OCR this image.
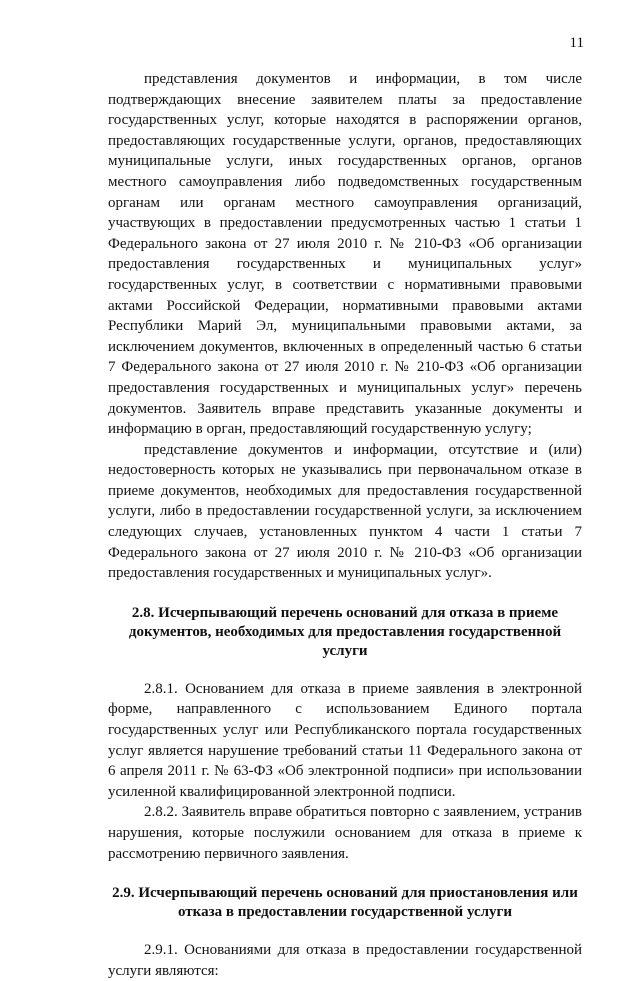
11

представления документов и информации, в том числе подтверждающих внесение заявителем платы за предоставление государственных услуг, которые находятся в распоряжении органов, предоставляющих государственные услуги, органов, предоставляющих муниципальные услуги, иных государственных органов, органов местного самоуправления либо подведомственных государственным органам или органам местного самоуправления организаций, участвующих в предоставлении предусмотренных частью 1 статьи 1 Федерального закона от 27 июля 2010 г. № 210-ФЗ «Об организации предоставления государственных и муниципальных услуг» государственных услуг, в соответствии с нормативными правовыми актами Российской Федерации, нормативными правовыми актами Республики Марий Эл, муниципальными правовыми актами, за исключением документов, включенных в определенный частью 6 статьи 7 Федерального закона от 27 июля 2010 г. № 210-ФЗ «Об организации предоставления государственных и муниципальных услуг» перечень документов. Заявитель вправе представить указанные документы и информацию в орган, предоставляющий государственную услугу;

представление документов и информации, отсутствие и (или) недостоверность которых не указывались при первоначальном отказе в приеме документов, необходимых для предоставления государственной услуги, либо в предоставлении государственной услуги, за исключением следующих случаев, установленных пунктом 4 части 1 статьи 7 Федерального закона от 27 июля 2010 г. № 210-ФЗ «Об организации предоставления государственных и муниципальных услуг».

2.8. Исчерпывающий перечень оснований для отказа в приеме документов, необходимых для предоставления государственной услуги

2.8.1. Основанием для отказа в приеме заявления в электронной форме, направленного с использованием Единого портала государственных услуг или Республиканского портала государственных услуг является нарушение требований статьи 11 Федерального закона от 6 апреля 2011 г. № 63-ФЗ «Об электронной подписи» при использовании усиленной квалифицированной электронной подписи.

2.8.2. Заявитель вправе обратиться повторно с заявлением, устранив нарушения, которые послужили основанием для отказа в приеме к рассмотрению первичного заявления.

2.9. Исчерпывающий перечень оснований для приостановления или отказа в предоставлении государственной услуги

2.9.1. Основаниями для отказа в предоставлении государственной услуги являются:
